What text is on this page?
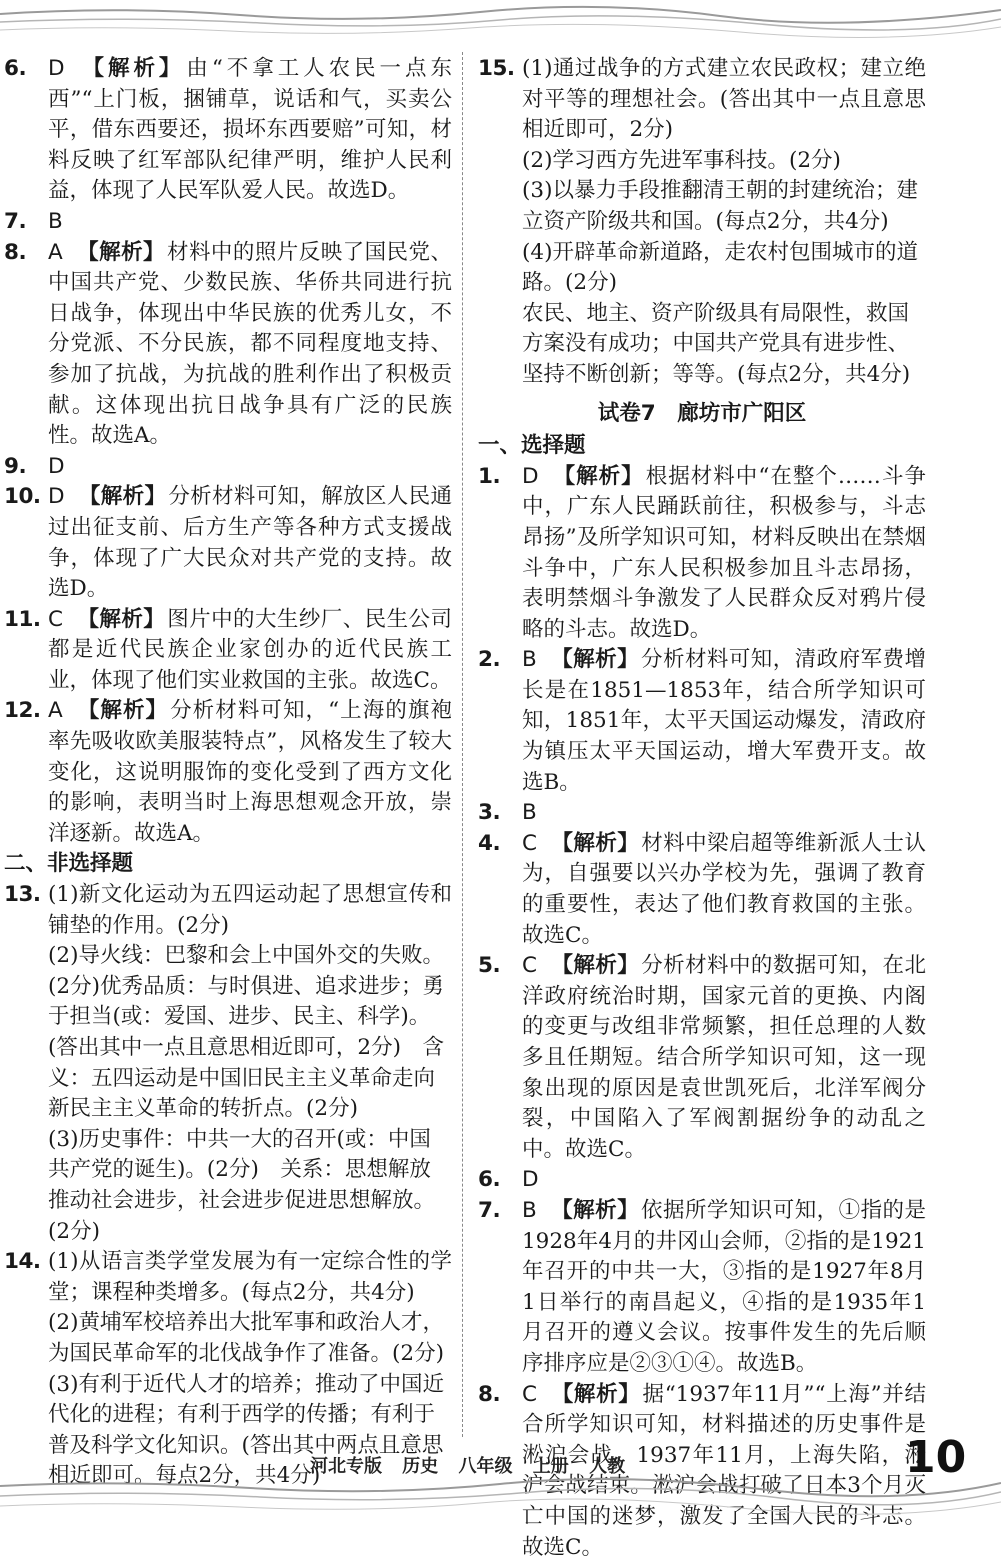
6.	D 【解析】由“不拿工人农民一点东西”“上门板，捆铺草，说话和气，买卖公平，借东西要还，损坏东西要赔”可知，材料反映了红军部队纪律严明，维护人民利益，体现了人民军队爱人民。故选D。
7.	B
8.	A 【解析】材料中的照片反映了国民党、中国共产党、少数民族、华侨共同进行抗日战争，体现出中华民族的优秀儿女，不分党派、不分民族，都不同程度地支持、参加了抗战，为抗战的胜利作出了积极贡献。这体现出抗日战争具有广泛的民族性。故选A。
9.	D
10. D 【解析】分析材料可知，解放区人民通过出征支前、后方生产等各种方式支援战争，体现了广大民众对共产党的支持。故选D。
11. C 【解析】图片中的大生纱厂、民生公司都是近代民族企业家创办的近代民族工业，体现了他们实业救国的主张。故选C。
12. A 【解析】分析材料可知，“上海的旗袍率先吸收欧美服装特点”，风格发生了较大变化，这说明服饰的变化受到了西方文化的影响，表明当时上海思想观念开放，崇洋逐新。故选A。
二、非选择题
13. (1)新文化运动为五四运动起了思想宣传和铺垫的作用。(2分)
(2)导火线：巴黎和会上中国外交的失败。(2分)优秀品质：与时俱进、追求进步；勇于担当(或：爱国、进步、民主、科学)。(答出其中一点且意思相近即可，2分)　含义：五四运动是中国旧民主主义革命走向新民主主义革命的转折点。(2分)
(3)历史事件：中共一大的召开(或：中国共产党的诞生)。(2分)　关系：思想解放推动社会进步，社会进步促进思想解放。(2分)
14. (1)从语言类学堂发展为有一定综合性的学堂；课程种类增多。(每点2分，共4分)
(2)黄埔军校培养出大批军事和政治人才，为国民革命军的北伐战争作了准备。(2分)
(3)有利于近代人才的培养；推动了中国近代化的进程；有利于西学的传播；有利于普及科学文化知识。(答出其中两点且意思相近即可。每点2分，共4分)
15. (1)通过战争的方式建立农民政权；建立绝对平等的理想社会。(答出其中一点且意思相近即可，2分)
(2)学习西方先进军事科技。(2分)
(3)以暴力手段推翻清王朝的封建统治；建立资产阶级共和国。(每点2分，共4分)
(4)开辟革命新道路，走农村包围城市的道路。(2分)
农民、地主、资产阶级具有局限性，救国方案没有成功；中国共产党具有进步性、坚持不断创新；等等。(每点2分，共4分)
试卷7　廊坊市广阳区
一、选择题
1.	D 【解析】根据材料中“在整个……斗争中，广东人民踊跃前往，积极参与，斗志昂扬”及所学知识可知，材料反映出在禁烟斗争中，广东人民积极参加且斗志昂扬，表明禁烟斗争激发了人民群众反对鸦片侵略的斗志。故选D。
2.	B 【解析】分析材料可知，清政府军费增长是在1851—1853年，结合所学知识可知，1851年，太平天国运动爆发，清政府为镇压太平天国运动，增大军费开支。故选B。
3.	B
4.	C 【解析】材料中梁启超等维新派人士认为，自强要以兴办学校为先，强调了教育的重要性，表达了他们教育救国的主张。故选C。
5.	C 【解析】分析材料中的数据可知，在北洋政府统治时期，国家元首的更换、内阁的变更与改组非常频繁，担任总理的人数多且任期短。结合所学知识可知，这一现象出现的原因是袁世凯死后，北洋军阀分裂，中国陷入了军阀割据纷争的动乱之中。故选C。
6.	D
7.	B 【解析】依据所学知识可知，①指的是1928年4月的井冈山会师，②指的是1921年召开的中共一大，③指的是1927年8月1日举行的南昌起义，④指的是1935年1月召开的遵义会议。按事件发生的先后顺序排序应是②③①④。故选B。
8.	C 【解析】据“1937年11月”“上海”并结合所学知识可知，材料描述的历史事件是淞沪会战。1937年11月，上海失陷，淞沪会战结束。淞沪会战打破了日本3个月灭亡中国的迷梦，激发了全国人民的斗志。故选C。
河北专版 历史 八年级 上册 人教	10
